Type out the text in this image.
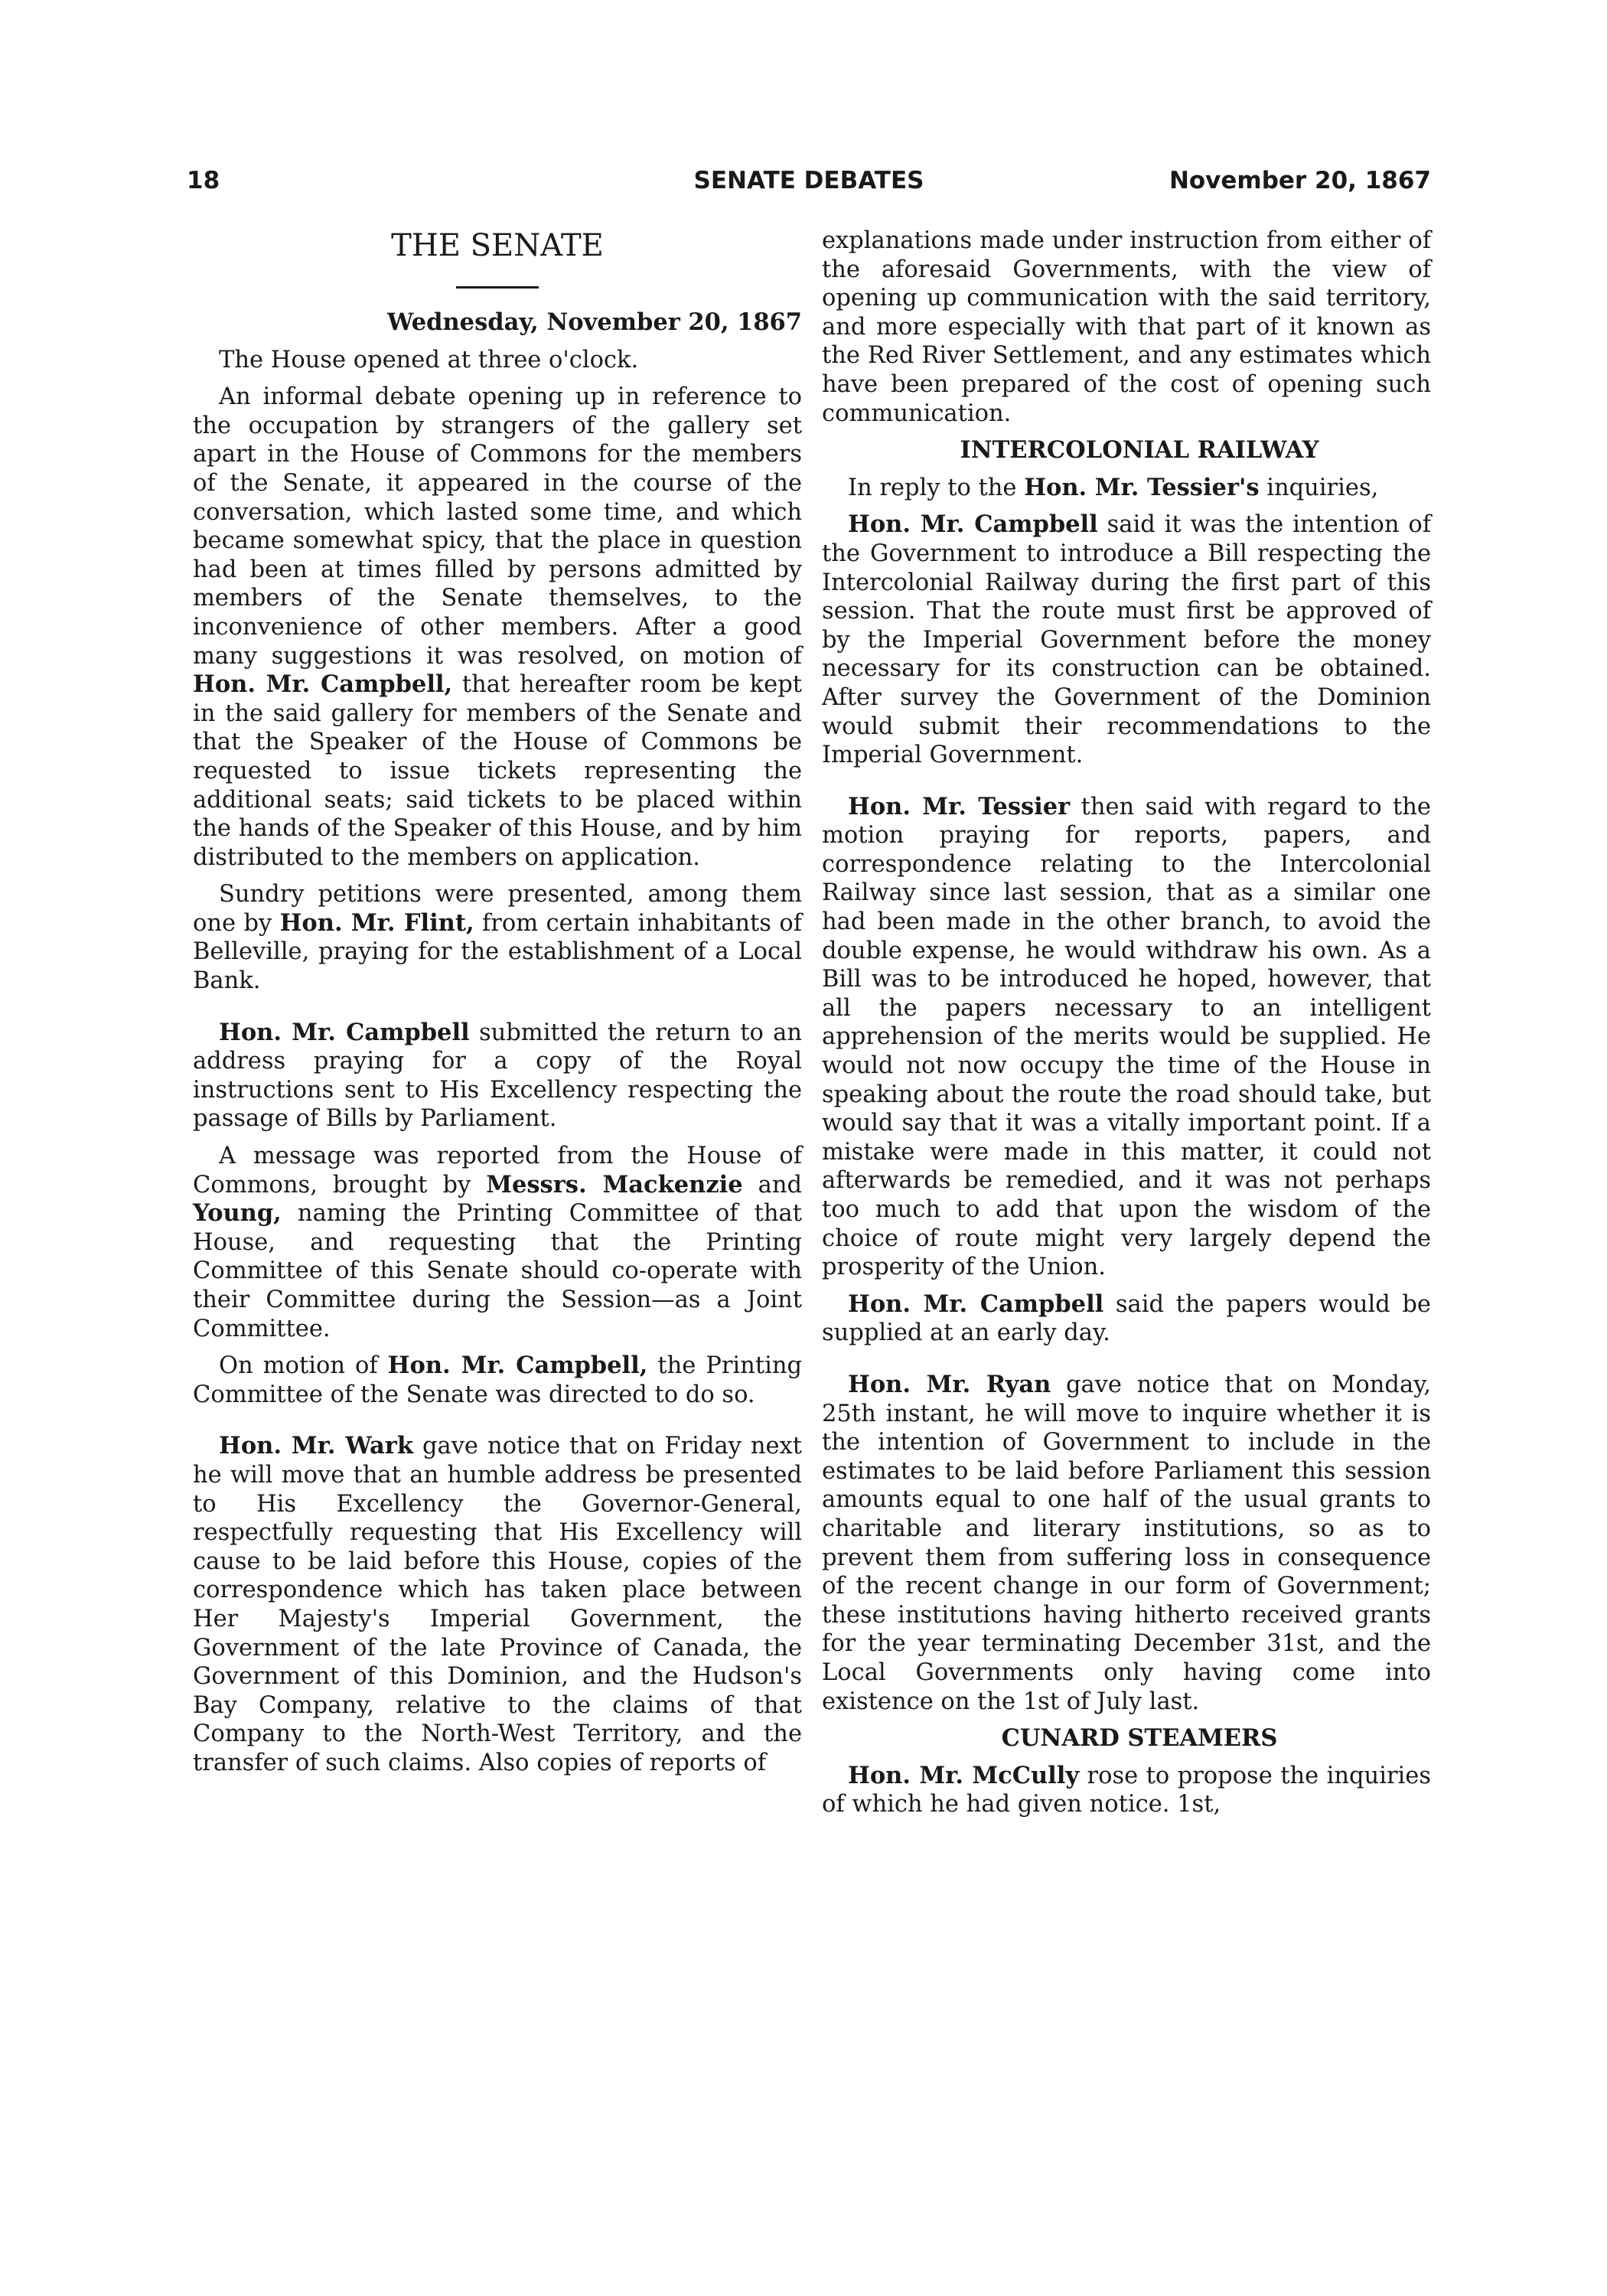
18	SENATE DEBATES	November 20, 1867
THE SENATE

Wednesday, November 20, 1867

The House opened at three o'clock.

An informal debate opening up in reference to the occupation by strangers of the gallery set apart in the House of Commons for the members of the Senate, it appeared in the course of the conversation, which lasted some time, and which became somewhat spicy, that the place in question had been at times filled by persons admitted by members of the Senate themselves, to the inconvenience of other members. After a good many suggestions it was resolved, on motion of Hon. Mr. Campbell, that hereafter room be kept in the said gallery for members of the Senate and that the Speaker of the House of Commons be requested to issue tickets representing the additional seats; said tickets to be placed within the hands of the Speaker of this House, and by him distributed to the members on application.

Sundry petitions were presented, among them one by Hon. Mr. Flint, from certain inhabitants of Belleville, praying for the establishment of a Local Bank.

Hon. Mr. Campbell submitted the return to an address praying for a copy of the Royal instructions sent to His Excellency respecting the passage of Bills by Parliament.

A message was reported from the House of Commons, brought by Messrs. Mackenzie and Young, naming the Printing Committee of that House, and requesting that the Printing Committee of this Senate should co-operate with their Committee during the Session—as a Joint Committee.

On motion of Hon. Mr. Campbell, the Printing Committee of the Senate was directed to do so.

Hon. Mr. Wark gave notice that on Friday next he will move that an humble address be presented to His Excellency the Governor-General, respectfully requesting that His Excellency will cause to be laid before this House, copies of the correspondence which has taken place between Her Majesty's Imperial Government, the Government of the late Province of Canada, the Government of this Dominion, and the Hudson's Bay Company, relative to the claims of that Company to the North-West Territory, and the transfer of such claims. Also copies of reports of

explanations made under instruction from either of the aforesaid Governments, with the view of opening up communication with the said territory, and more especially with that part of it known as the Red River Settlement, and any estimates which have been prepared of the cost of opening such communication.

INTERCOLONIAL RAILWAY

In reply to the Hon. Mr. Tessier's inquiries,

Hon. Mr. Campbell said it was the intention of the Government to introduce a Bill respecting the Intercolonial Railway during the first part of this session. That the route must first be approved of by the Imperial Government before the money necessary for its construction can be obtained. After survey the Government of the Dominion would submit their recommendations to the Imperial Government.

Hon. Mr. Tessier then said with regard to the motion praying for reports, papers, and correspondence relating to the Intercolonial Railway since last session, that as a similar one had been made in the other branch, to avoid the double expense, he would withdraw his own. As a Bill was to be introduced he hoped, however, that all the papers necessary to an intelligent apprehension of the merits would be supplied. He would not now occupy the time of the House in speaking about the route the road should take, but would say that it was a vitally important point. If a mistake were made in this matter, it could not afterwards be remedied, and it was not perhaps too much to add that upon the wisdom of the choice of route might very largely depend the prosperity of the Union.

Hon. Mr. Campbell said the papers would be supplied at an early day.

Hon. Mr. Ryan gave notice that on Monday, 25th instant, he will move to inquire whether it is the intention of Government to include in the estimates to be laid before Parliament this session amounts equal to one half of the usual grants to charitable and literary institutions, so as to prevent them from suffering loss in consequence of the recent change in our form of Government; these institutions having hitherto received grants for the year terminating December 31st, and the Local Governments only having come into existence on the 1st of July last.

CUNARD STEAMERS

Hon. Mr. McCully rose to propose the inquiries of which he had given notice. 1st,
